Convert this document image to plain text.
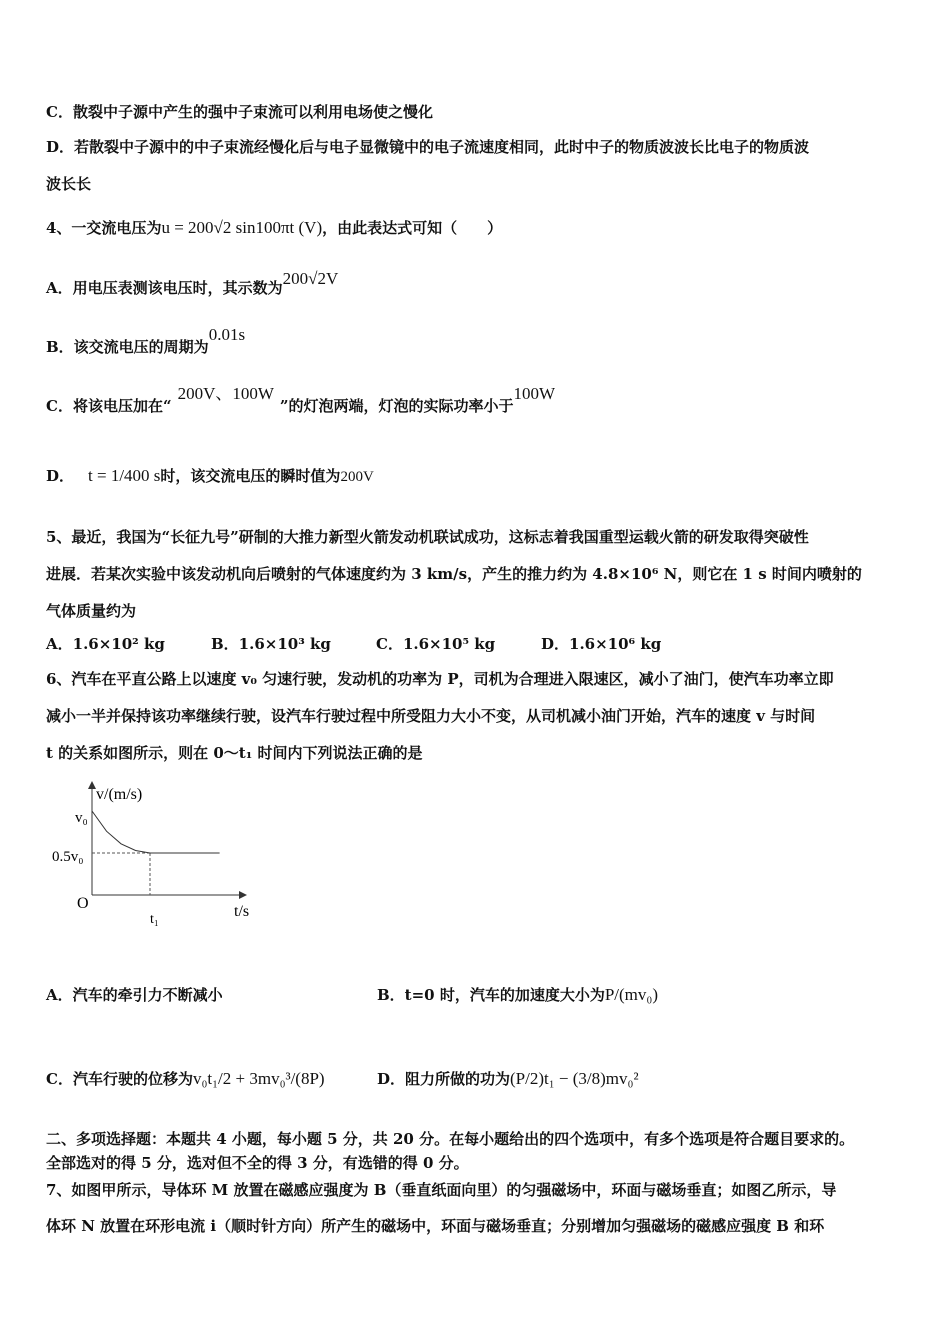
C．散裂中子源中产生的强中子束流可以利用电场使之慢化
D．若散裂中子源中的中子束流经慢化后与电子显微镜中的电子流速度相同，此时中子的物质波波长比电子的物质波
波长长
4、一交流电压为u = 200√2 sin100πt (V)，由此表达式可知（　　）
A．用电压表测该电压时，其示数为200√2V
B．该交流电压的周期为0.01s
C．将该电压加在“200V、100W”的灯泡两端，灯泡的实际功率小于100W
D． t = 1/400 s时，该交流电压的瞬时值为200V
5、最近，我国为“长征九号”研制的大推力新型火箭发动机联试成功，这标志着我国重型运载火箭的研发取得突破性
进展．若某次实验中该发动机向后喷射的气体速度约为 3 km/s，产生的推力约为 4.8×10⁶ N，则它在 1 s 时间内喷射的
气体质量约为
A．1.6×10² kg	B．1.6×10³ kg	C．1.6×10⁵ kg	D．1.6×10⁶ kg
6、汽车在平直公路上以速度 v₀ 匀速行驶，发动机的功率为 P，司机为合理进入限速区，减小了油门，使汽车功率立即
减小一半并保持该功率继续行驶，设汽车行驶过程中所受阻力大小不变，从司机减小油门开始，汽车的速度 v 与时间
t 的关系如图所示，则在 0～t₁ 时间内下列说法正确的是
v/(m/s)
t/s
O
v₀
0.5v₀
t₁
A．汽车的牵引力不断减小	B．t=0 时，汽车的加速度大小为P/(mv₀)
C．汽车行驶的位移为v₀t₁/2 + 3mv₀³/(8P)	D．阻力所做的功为(P/2)t₁ − (3/8)mv₀²
二、多项选择题：本题共 4 小题，每小题 5 分，共 20 分。在每小题给出的四个选项中，有多个选项是符合题目要求的。
全部选对的得 5 分，选对但不全的得 3 分，有选错的得 0 分。
7、如图甲所示，导体环 M 放置在磁感应强度为 B（垂直纸面向里）的匀强磁场中，环面与磁场垂直；如图乙所示，导
体环 N 放置在环形电流 i（顺时针方向）所产生的磁场中，环面与磁场垂直；分别增加匀强磁场的磁感应强度 B 和环
